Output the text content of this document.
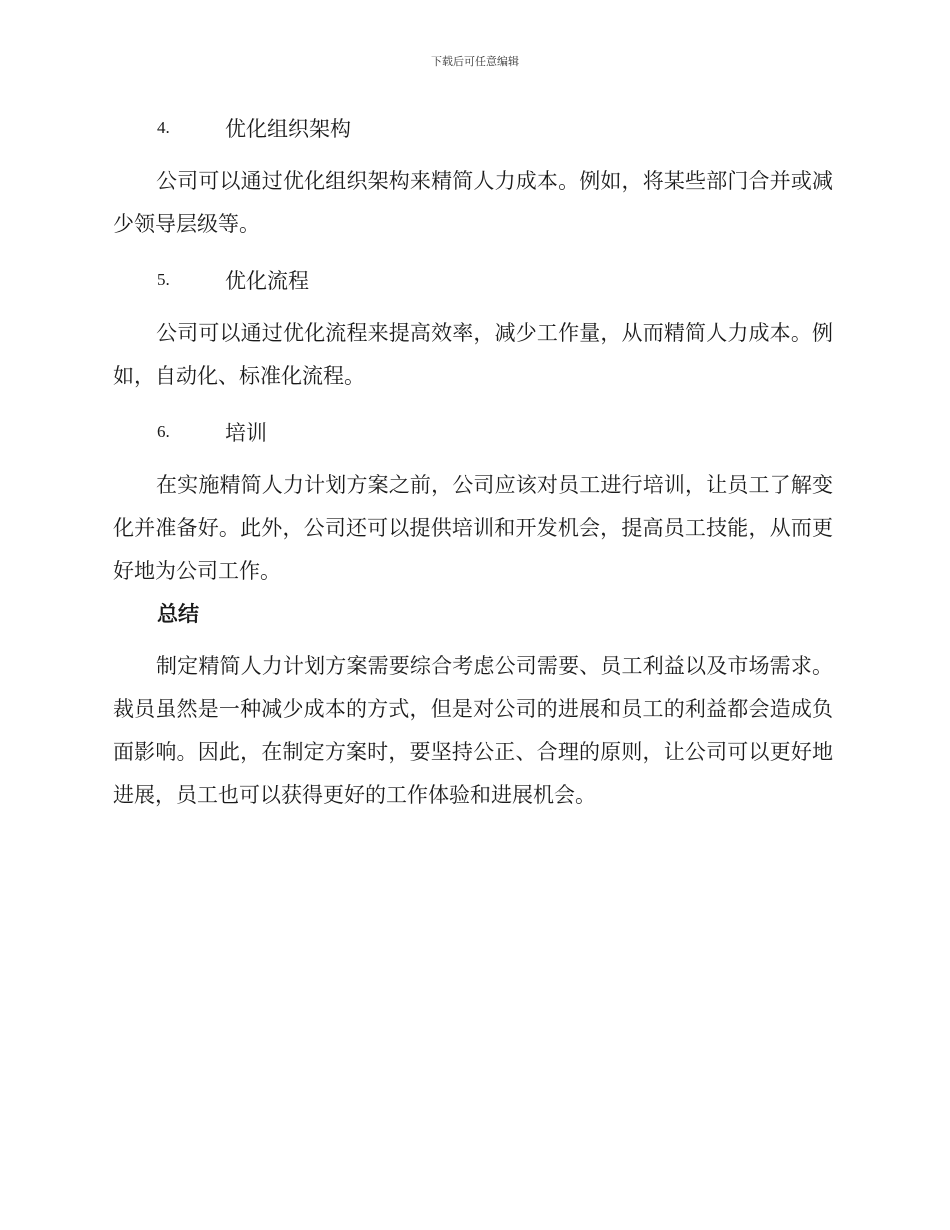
下载后可任意编辑
4.	优化组织架构

公司可以通过优化组织架构来精简人力成本。例如，将某些部门合并或减少领导层级等。

5.	优化流程

公司可以通过优化流程来提高效率，减少工作量，从而精简人力成本。例如，自动化、标准化流程。

6.	培训

在实施精简人力计划方案之前，公司应该对员工进行培训，让员工了解变化并准备好。此外，公司还可以提供培训和开发机会，提高员工技能，从而更好地为公司工作。

总结

制定精简人力计划方案需要综合考虑公司需要、员工利益以及市场需求。裁员虽然是一种减少成本的方式，但是对公司的进展和员工的利益都会造成负面影响。因此，在制定方案时，要坚持公正、合理的原则，让公司可以更好地进展，员工也可以获得更好的工作体验和进展机会。
